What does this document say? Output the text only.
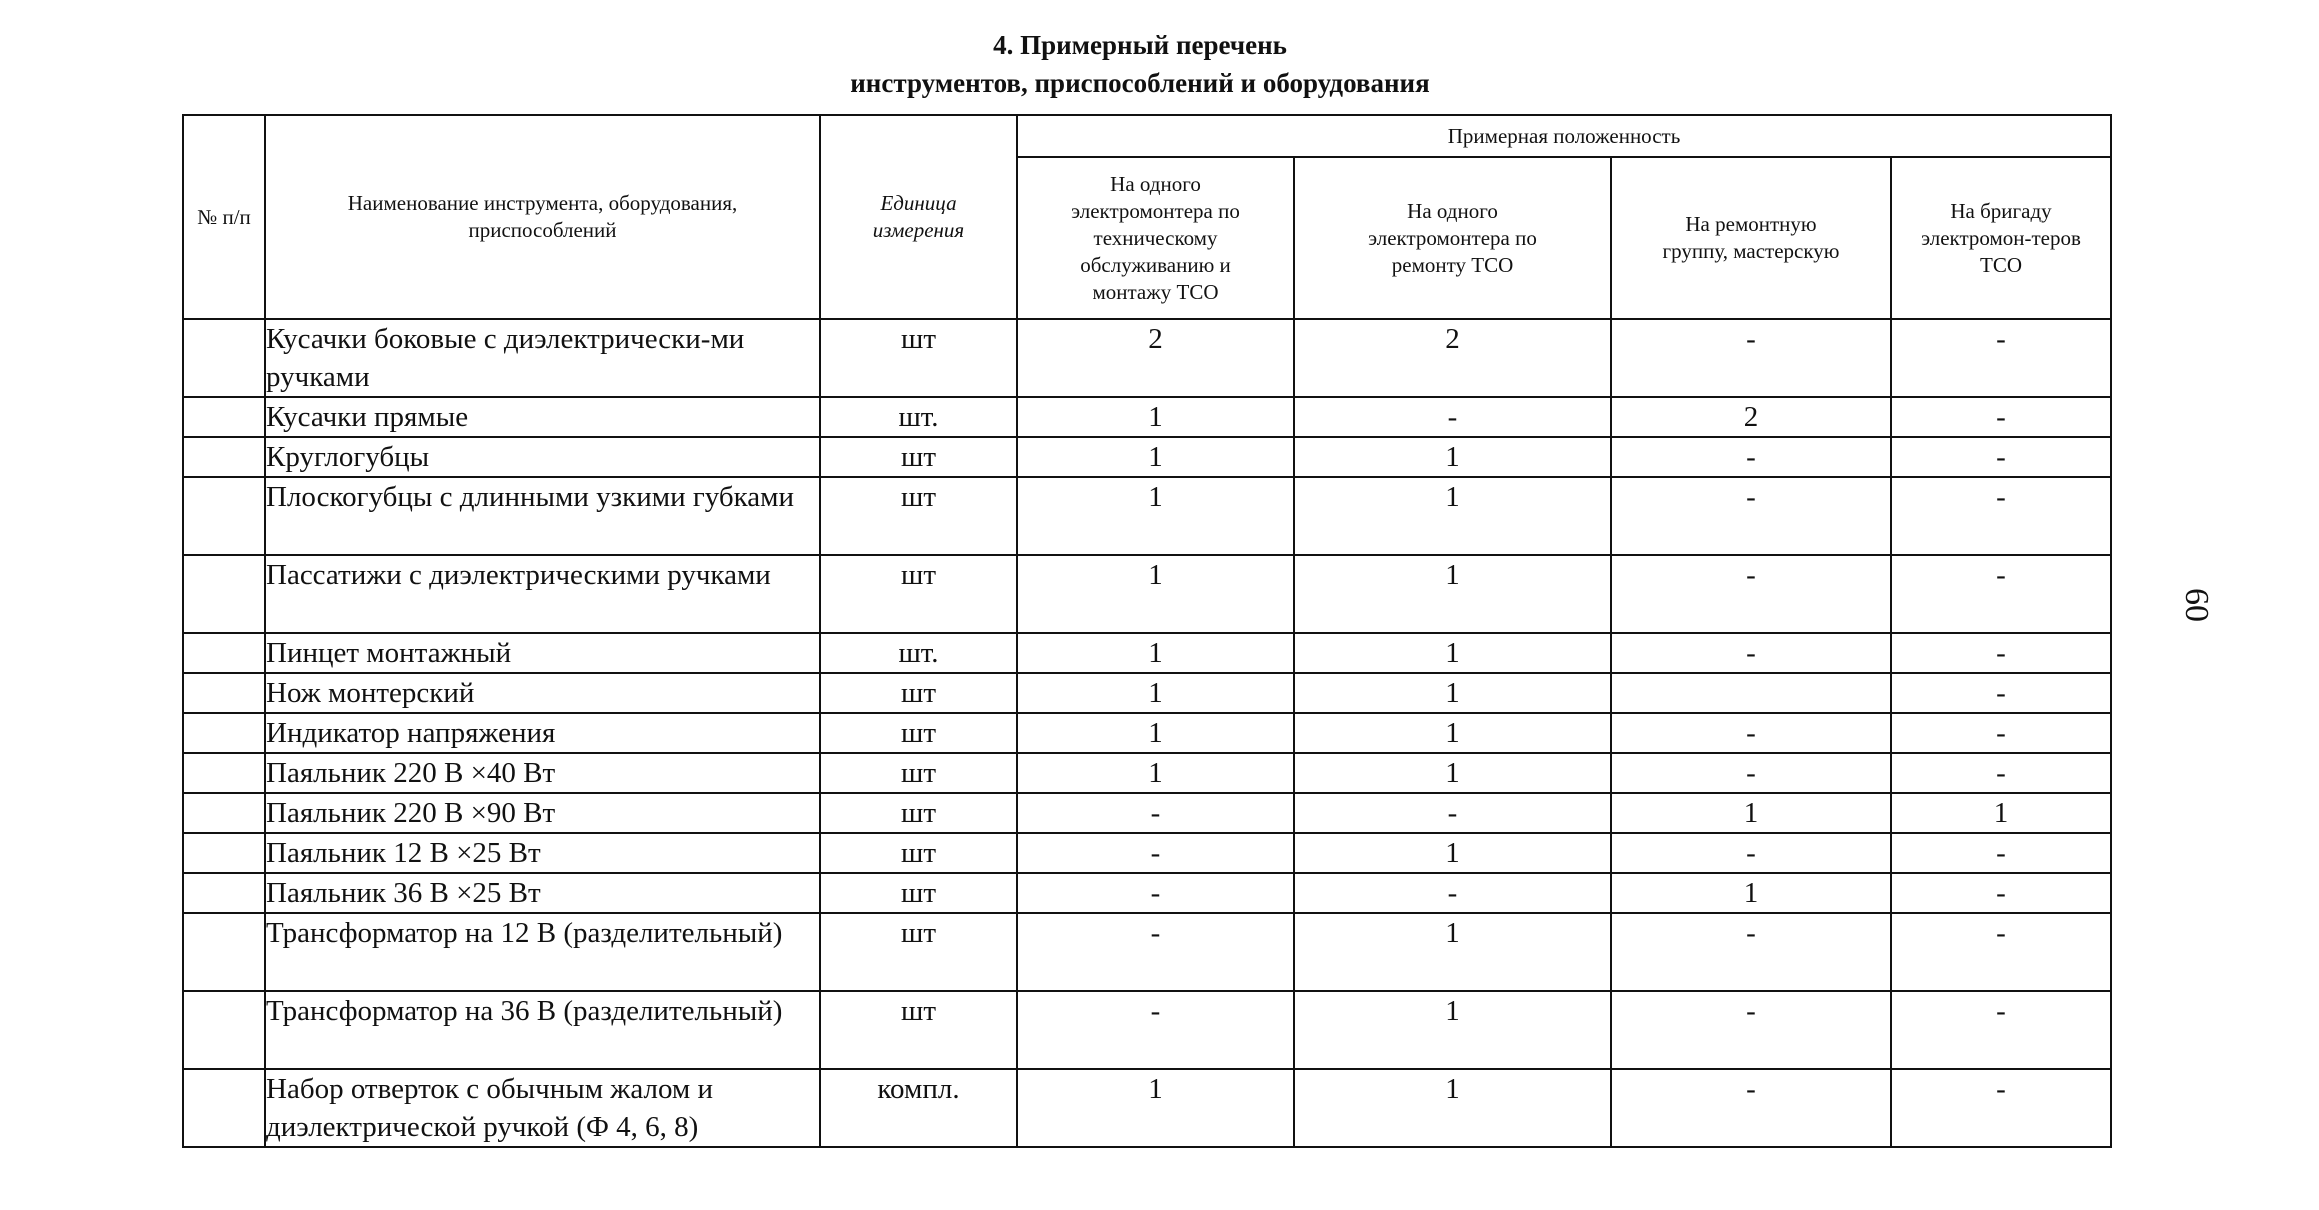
4. Примерный перечень
инструментов, приспособлений и оборудования
№ п/п	Наименование инструмента, оборудования, приспособлений	Единица измерения	Примерная положенность			
			На одного электромонтера по техническому обслуживанию и монтажу ТСО	На одного электромонтера по ремонту ТСО	На ремонтную группу, мастерскую	На бригаду электромон-теров ТСО
	Кусачки боковые с диэлектрически-ми ручками	шт	2	2	-	-
	Кусачки прямые	шт.	1	-	2	-
	Круглогубцы	шт	1	1	-	-
	Плоскогубцы с длинными узкими губками	шт	1	1	-	-
	Пассатижи с диэлектрическими ручками	шт	1	1	-	-
	Пинцет монтажный	шт.	1	1	-	-
	Нож монтерский	шт	1	1		-
	Индикатор напряжения	шт	1	1	-	-
	Паяльник 220 В ×40 Вт	шт	1	1	-	-
	Паяльник 220 В ×90 Вт	шт	-	-	1	1
	Паяльник 12 В ×25 Вт	шт	-	1	-	-
	Паяльник 36 В ×25 Вт	шт	-	-	1	-
	Трансформатор на 12 В (разделительный)	шт	-	1	-	-
	Трансформатор на 36 В (разделительный)	шт	-	1	-	-
	Набор отверток с обычным жалом и диэлектрической ручкой (Ф 4, 6, 8)	компл.	1	1	-	-
60
